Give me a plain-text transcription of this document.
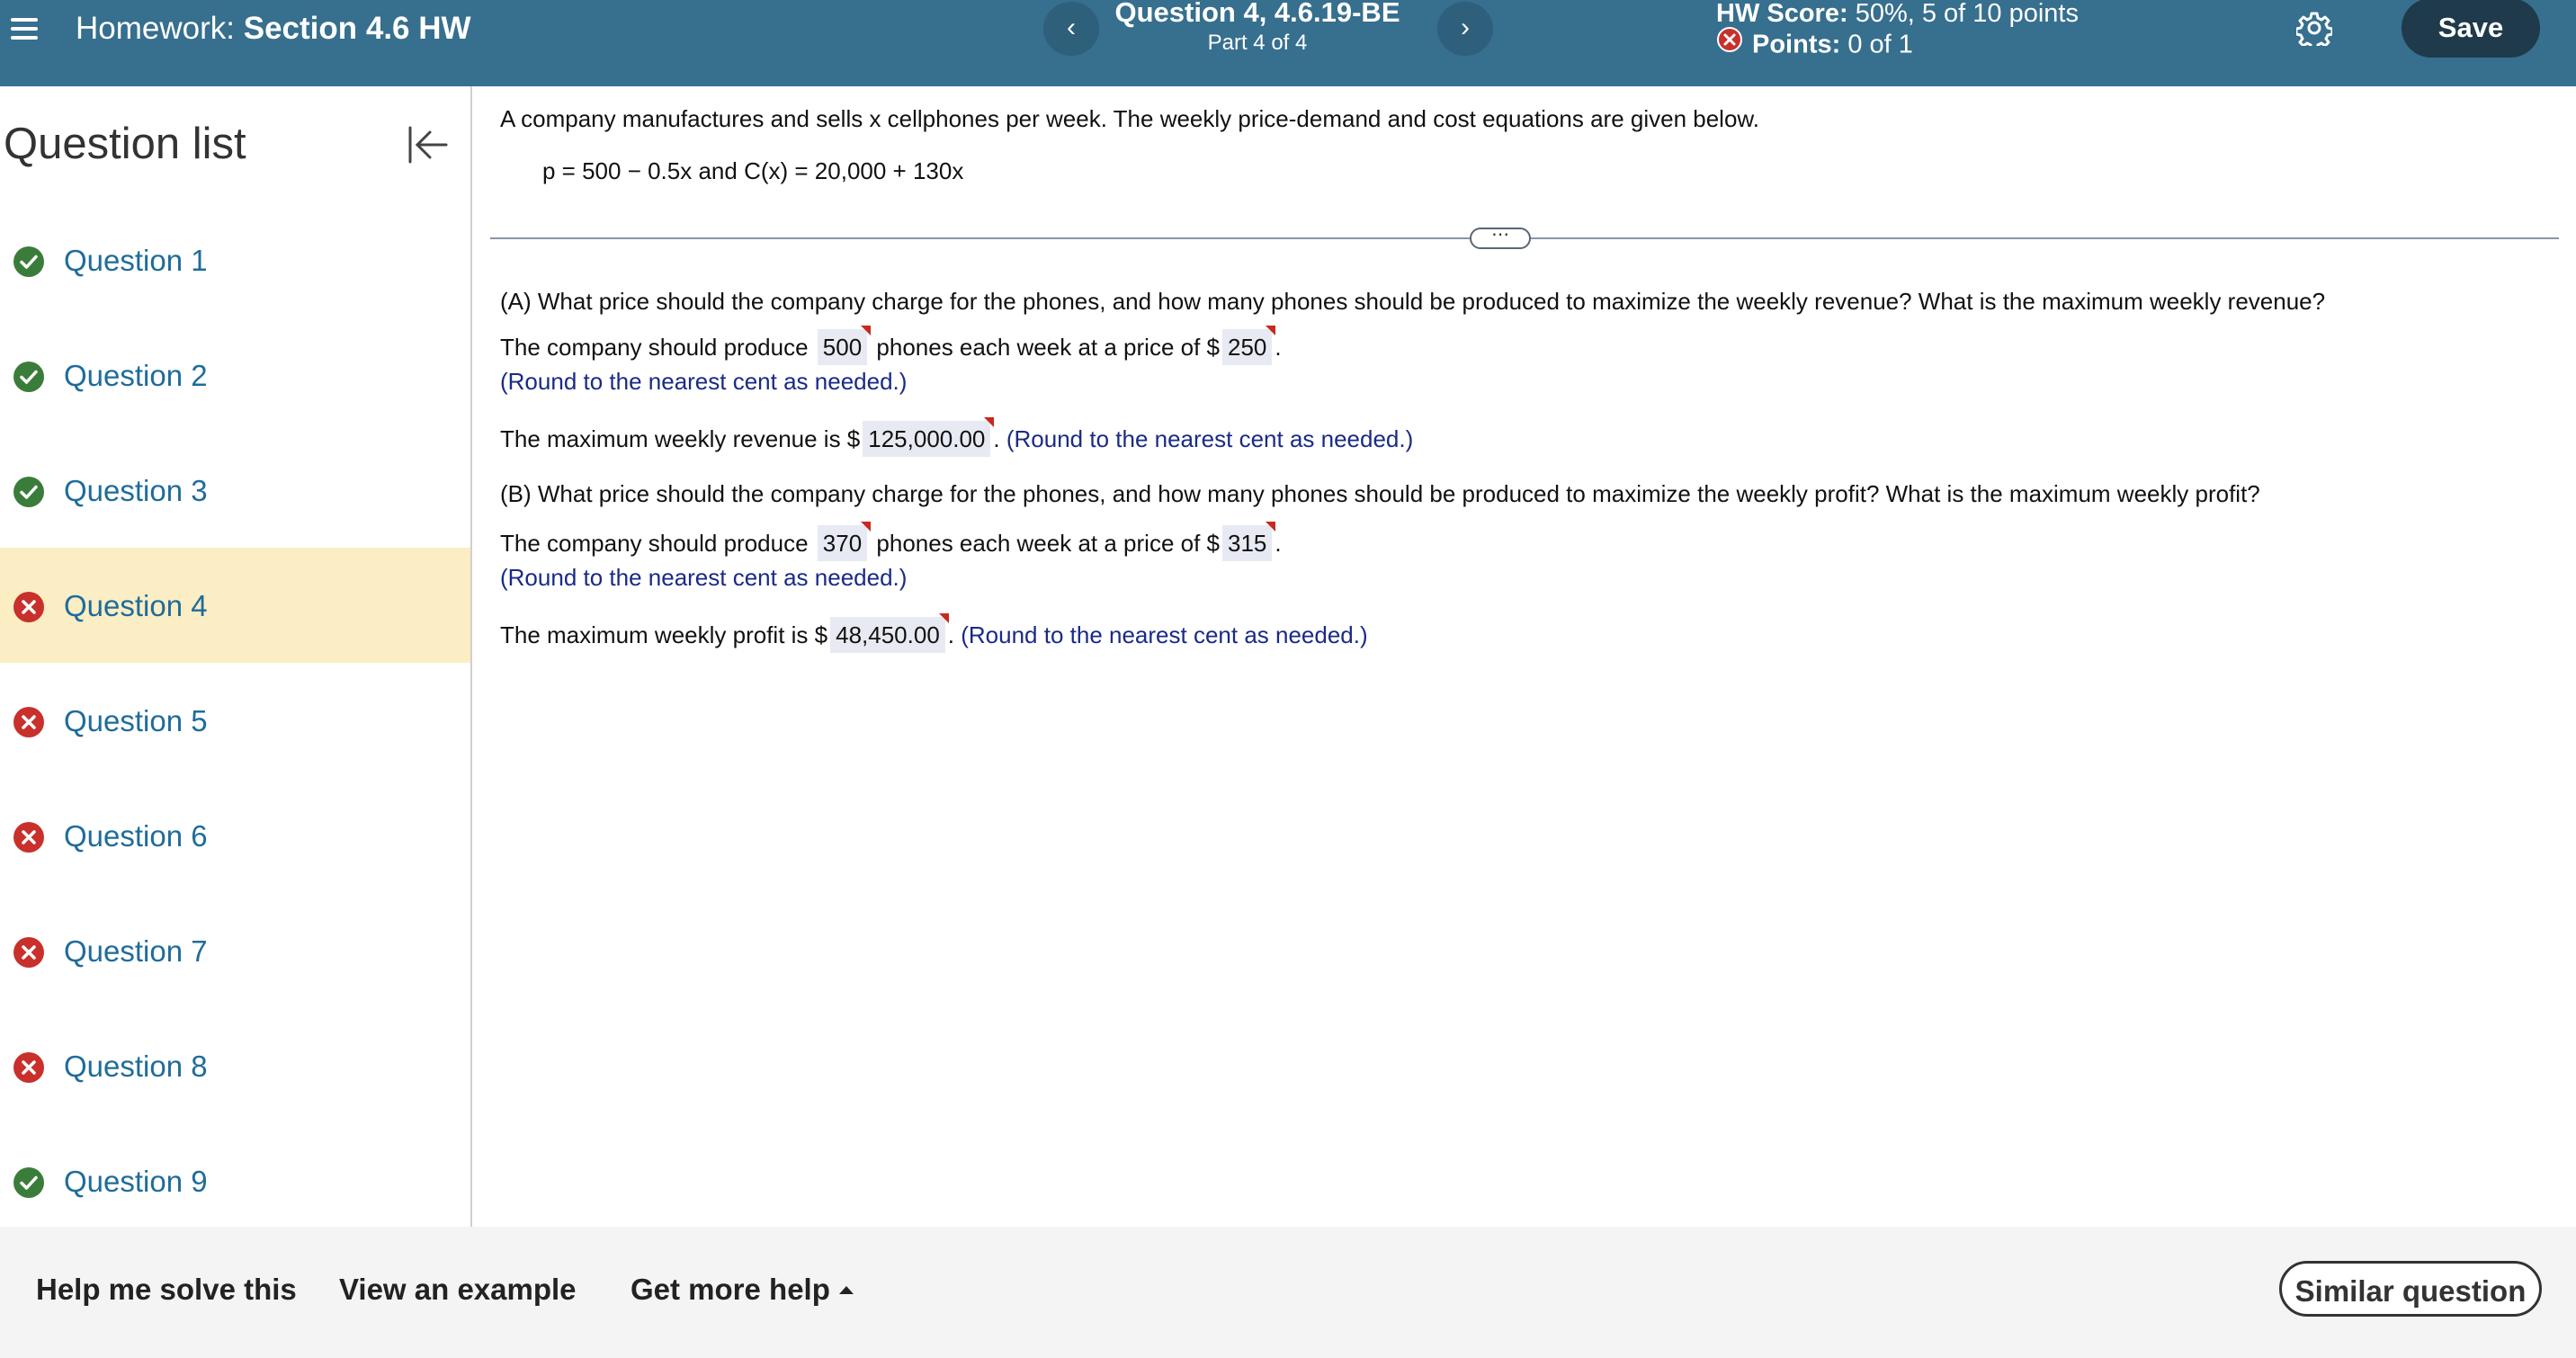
Homework: Section 4.6 HW	‹	Question 4, 4.6.19-BE
Part 4 of 4
›	HW Score: 50%, 5 of 10 points
Points: 0 of 1
Save
Question list
Question 1
Question 2
Question 3
Question 4
Question 5
Question 6
Question 7
Question 8
Question 9
A company manufactures and sells x cellphones per week. The weekly price-demand and cost equations are given below.
p = 500 − 0.5x and C(x) = 20,000 + 130x
⋯
(A) What price should the company charge for the phones, and how many phones should be produced to maximize the weekly revenue? What is the maximum weekly revenue?
The company should produce 500 phones each week at a price of $ 250 .
(Round to the nearest cent as needed.)
The maximum weekly revenue is $ 125,000.00 . (Round to the nearest cent as needed.)
(B) What price should the company charge for the phones, and how many phones should be produced to maximize the weekly profit? What is the maximum weekly profit?
The company should produce 370 phones each week at a price of $ 315 .
(Round to the nearest cent as needed.)
The maximum weekly profit is $ 48,450.00 . (Round to the nearest cent as needed.)
Help me solve this View an example Get more help	Similar question
